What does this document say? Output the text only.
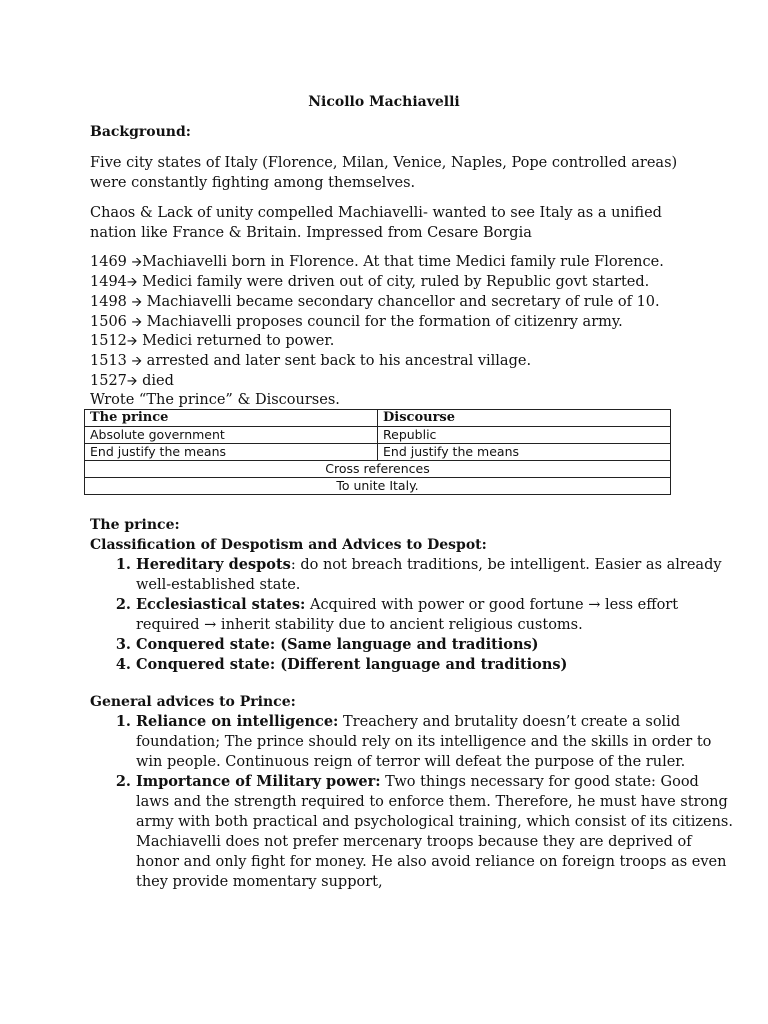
Nicollo Machiavelli
Background:
Five city states of Italy (Florence, Milan, Venice, Naples, Pope controlled areas) were constantly fighting among themselves.
Chaos & Lack of unity compelled Machiavelli- wanted to see Italy as a unified nation like France & Britain. Impressed from Cesare Borgia
1469 🡪Machiavelli born in Florence. At that time Medici family rule Florence.
1494🡪 Medici family were driven out of city, ruled by Republic govt started.
1498 🡪 Machiavelli became secondary chancellor and secretary of rule of 10.
1506 🡪 Machiavelli proposes council for the formation of citizenry army.
1512🡪 Medici returned to power.
1513 🡪 arrested and later sent back to his ancestral village.
1527🡪 died
Wrote “The prince” & Discourses.
The prince	Discourse
Absolute government	Republic
End justify the means	End justify the means
Cross references	
To unite Italy.	
The prince:
Classification of Despotism and Advices to Despot:
1. Hereditary despots: do not breach traditions, be intelligent. Easier as already well-established state.
2. Ecclesiastical states: Acquired with power or good fortune → less effort required → inherit stability due to ancient religious customs.
3. Conquered state: (Same language and traditions)
4. Conquered state: (Different language and traditions)
General advices to Prince:
1. Reliance on intelligence: Treachery and brutality doesn’t create a solid foundation; The prince should rely on its intelligence and the skills in order to win people. Continuous reign of terror will defeat the purpose of the ruler.
2. Importance of Military power: Two things necessary for good state: Good laws and the strength required to enforce them. Therefore, he must have strong army with both practical and psychological training, which consist of its citizens. Machiavelli does not prefer mercenary troops because they are deprived of honor and only fight for money. He also avoid reliance on foreign troops as even they provide momentary support,
